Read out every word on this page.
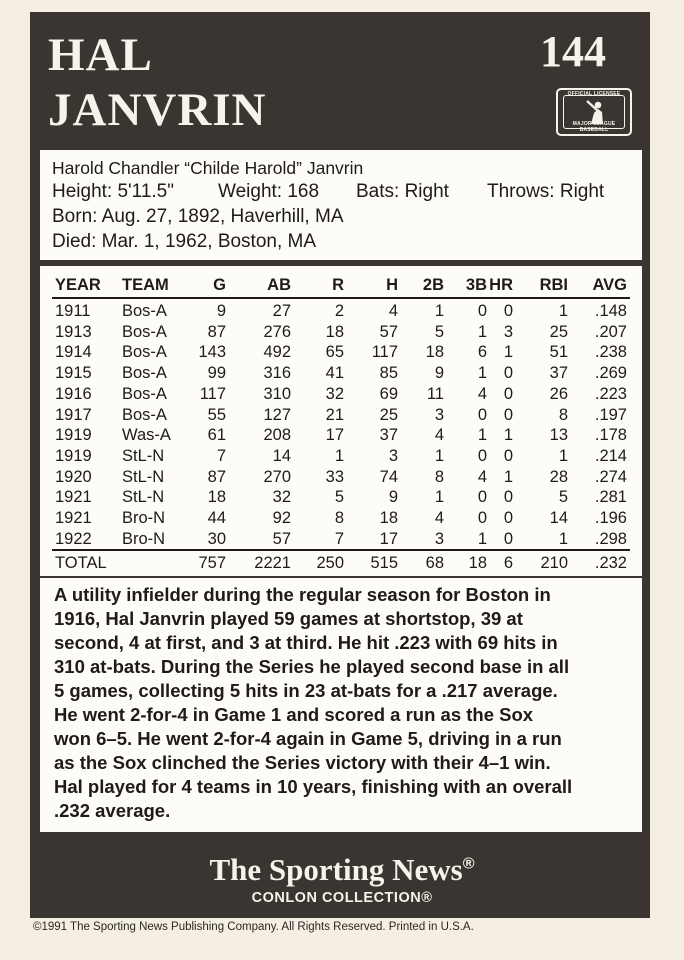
HAL
JANVRIN
144
OFFICIAL LICENSEE
MAJOR LEAGUE BASEBALL
Harold Chandler “Childe Harold” Janvrin
Height: 5'11.5" Weight: 168 Bats: Right Throws: Right
Born: Aug. 27, 1892, Haverhill, MA
Died: Mar. 1, 1962, Boston, MA
YEAR TEAM	G AB R	H 2B 3B HR RBI AVG
1911 Bos-A	9	27	2	4 1 0 0	1 .148
1913 Bos-A 87 276 18 57 5 1 3 25 .207
1914 Bos-A 143 492 65 117 18 6 1 51 .238
1915 Bos-A 99 316 41 85 9 1 0 37 .269
1916 Bos-A 117 310 32 69 11 4 0 26 .223
1917 Bos-A 55 127 21 25 3 0 0	8 .197
1919 Was-A 61 208 17 37 4 1 1 13 .178
1919 StL-N	7	14	1	3 1 0 0	1 .214
1920 StL-N	87 270 33 74 8 4 1 28 .274
1921 StL-N	18	32	5	9 1 0 0	5 .281
1921 Bro-N	44	92	8 18 4 0 0 14 .196
1922 Bro-N	30	57	7 17 3 1 0	1 .298
TOTAL	757 2221 250 515 68 18 6 210 .232
A utility infielder during the regular season for Boston in
1916, Hal Janvrin played 59 games at shortstop, 39 at
second, 4 at first, and 3 at third. He hit .223 with 69 hits in
310 at-bats. During the Series he played second base in all
5 games, collecting 5 hits in 23 at-bats for a .217 average.
He went 2-for-4 in Game 1 and scored a run as the Sox
won 6–5. He went 2-for-4 again in Game 5, driving in a run
as the Sox clinched the Series victory with their 4–1 win.
Hal played for 4 teams in 10 years, finishing with an overall
.232 average.
The Sporting News®
CONLON COLLECTION®
©1991 The Sporting News Publishing Company. All Rights Reserved. Printed in U.S.A.
